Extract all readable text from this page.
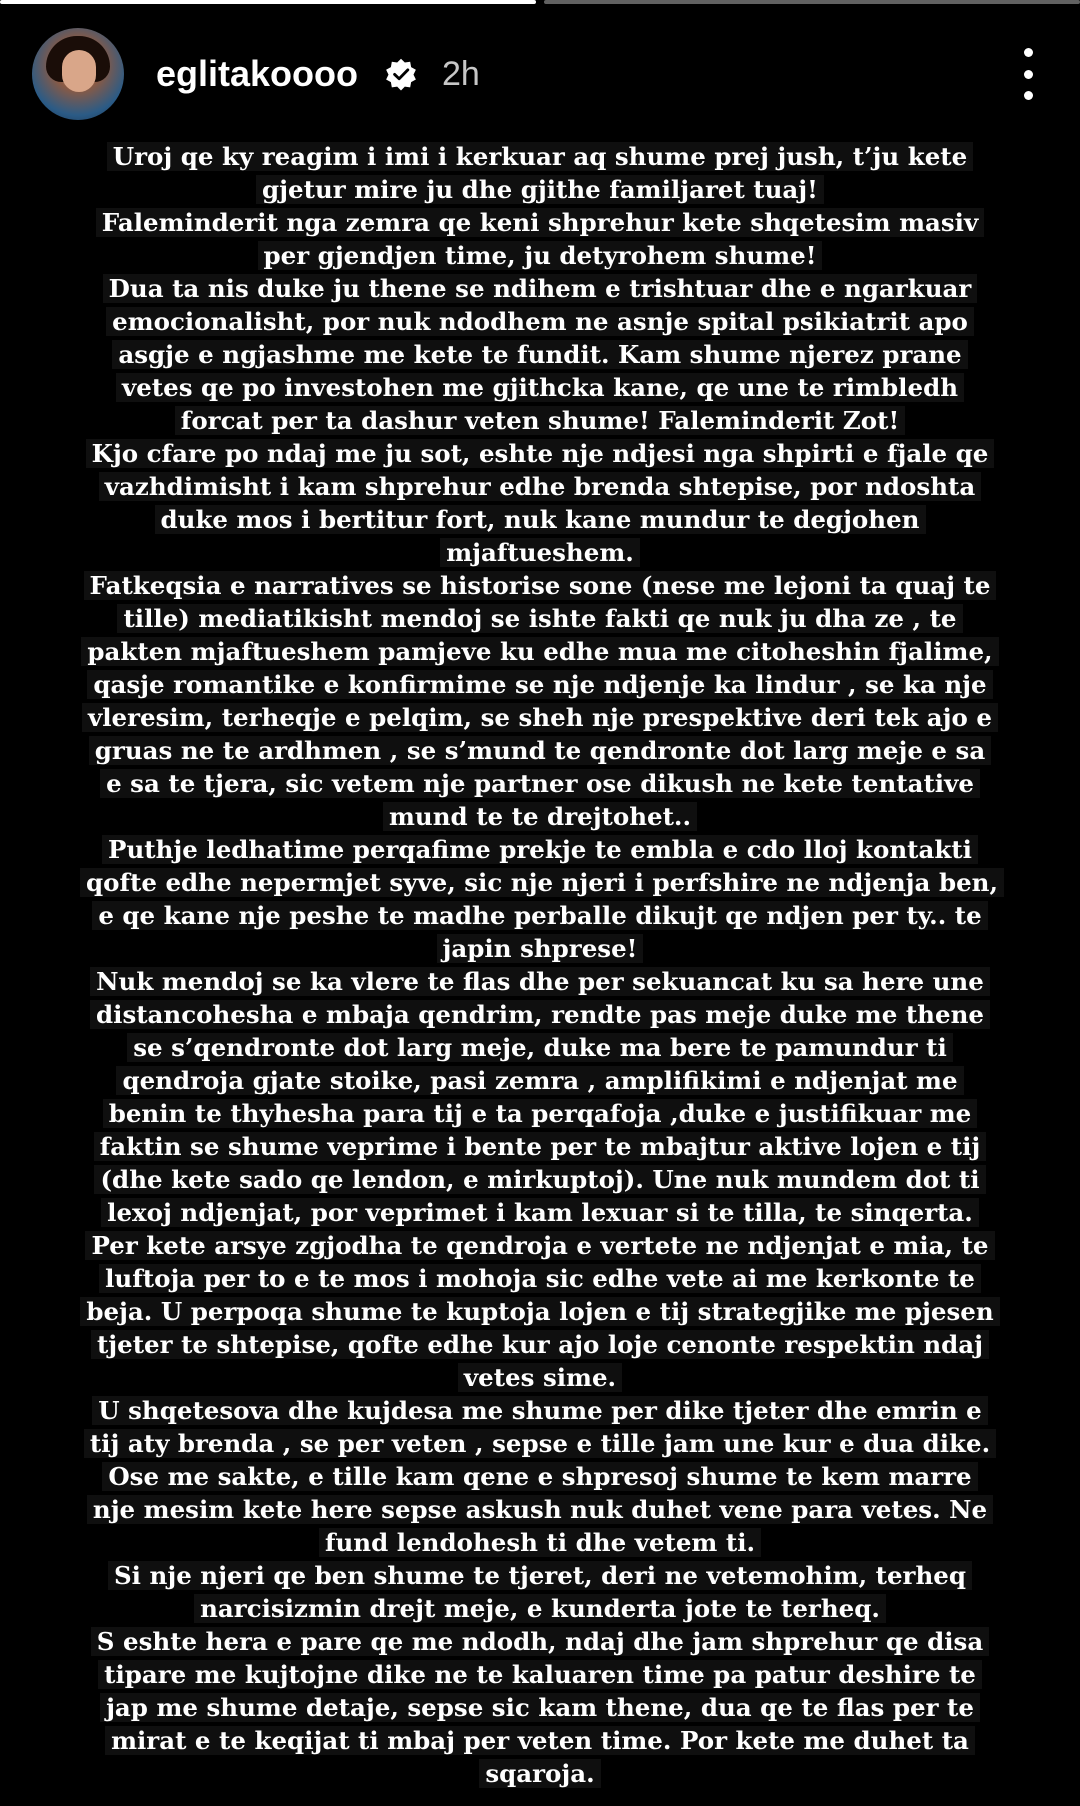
eglitakoooo 2h

Uroj qe ky reagim i imi i kerkuar aq shume prej jush, t’ju kete gjetur mire ju dhe gjithe familjaret tuaj!

Faleminderit nga zemra qe keni shprehur kete shqetesim masiv per gjendjen time, ju detyrohem shume!

Dua ta nis duke ju thene se ndihem e trishtuar dhe e ngarkuar emocionalisht, por nuk ndodhem ne asnje spital psikiatrit apo asgje e ngjashme me kete te fundit. Kam shume njerez prane vetes qe po investohen me gjithcka kane, qe une te rimbledh forcat per ta dashur veten shume! Faleminderit Zot!

Kjo cfare po ndaj me ju sot, eshte nje ndjesi nga shpirti e fjale qe vazhdimisht i kam shprehur edhe brenda shtepise, por ndoshta duke mos i bertitur fort, nuk kane mundur te degjohen mjaftueshem.

Fatkeqsia e narratives se historise sone (nese me lejoni ta quaj te tille) mediatikisht mendoj se ishte fakti qe nuk ju dha ze , te pakten mjaftueshem pamjeve ku edhe mua me citoheshin fjalime, qasje romantike e konfirmime se nje ndjenje ka lindur , se ka nje vleresim, terheqje e pelqim, se sheh nje prespektive deri tek ajo e gruas ne te ardhmen , se s’mund te qendronte dot larg meje e sa e sa te tjera, sic vetem nje partner ose dikush ne kete tentative mund te te drejtohet..

Puthje ledhatime perqafime prekje te embla e cdo lloj kontakti qofte edhe nepermjet syve, sic nje njeri i perfshire ne ndjenja ben, e qe kane nje peshe te madhe perballe dikujt qe ndjen per ty.. te japin shprese!

Nuk mendoj se ka vlere te flas dhe per sekuancat ku sa here une distancohesha e mbaja qendrim, rendte pas meje duke me thene se s’qendronte dot larg meje, duke ma bere te pamundur ti qendroja gjate stoike, pasi zemra , amplifikimi e ndjenjat me benin te thyhesha para tij e ta perqafoja ,duke e justifikuar me faktin se shume veprime i bente per te mbajtur aktive lojen e tij (dhe kete sado qe lendon, e mirkuptoj). Une nuk mundem dot ti lexoj ndjenjat, por veprimet i kam lexuar si te tilla, te sinqerta.

Per kete arsye zgjodha te qendroja e vertete ne ndjenjat e mia, te luftoja per to e te mos i mohoja sic edhe vete ai me kerkonte te beja. U perpoqa shume te kuptoja lojen e tij strategjike me pjesen tjeter te shtepise, qofte edhe kur ajo loje cenonte respektin ndaj vetes sime.

U shqetesova dhe kujdesa me shume per dike tjeter dhe emrin e tij aty brenda , se per veten , sepse e tille jam une kur e dua dike. Ose me sakte, e tille kam qene e shpresoj shume te kem marre nje mesim kete here sepse askush nuk duhet vene para vetes. Ne fund lendohesh ti dhe vetem ti.

Si nje njeri qe ben shume te tjeret, deri ne vetemohim, terheq narcisizmin drejt meje, e kunderta jote te terheq.

S eshte hera e pare qe me ndodh, ndaj dhe jam shprehur qe disa tipare me kujtojne dike ne te kaluaren time pa patur deshire te jap me shume detaje, sepse sic kam thene, dua qe te flas per te mirat e te keqijat ti mbaj per veten time. Por kete me duhet ta sqaroja.
